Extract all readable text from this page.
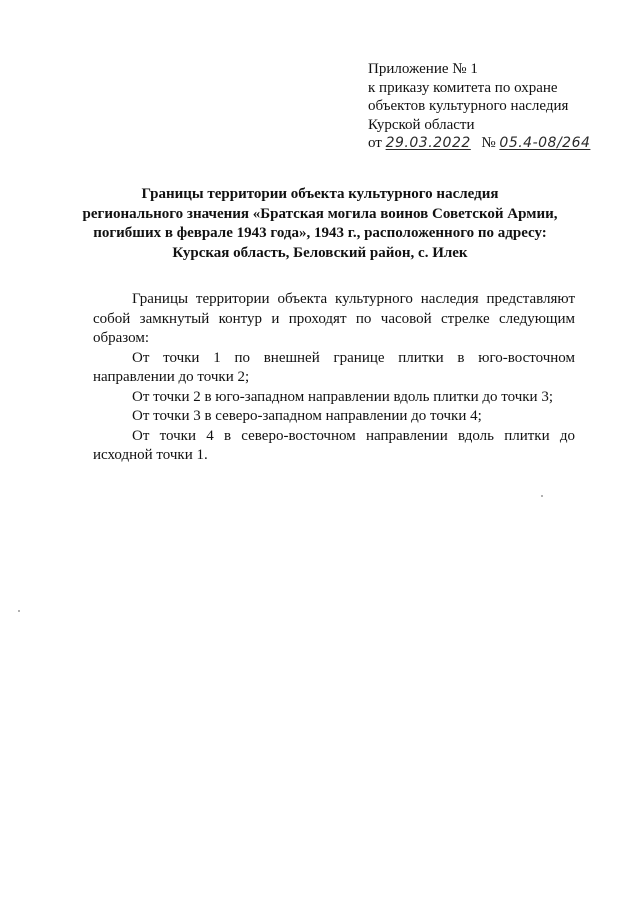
Приложение № 1
к приказу комитета по охране
объектов культурного наследия
Курской области
от 29.03.2022 № 05.4-08/264
Границы территории объекта культурного наследия
регионального значения «Братская могила воинов Советской Армии,
погибших в феврале 1943 года», 1943 г., расположенного по адресу:
Курская область, Беловский район, с. Илек

Границы территории объекта культурного наследия представляют собой замкнутый контур и проходят по часовой стрелке следующим образом:

От точки 1 по внешней границе плитки в юго-восточном направлении до точки 2;

От точки 2 в юго-западном направлении вдоль плитки до точки 3;

От точки 3 в северо-западном направлении до точки 4;

От точки 4 в северо-восточном направлении вдоль плитки до исходной точки 1.
